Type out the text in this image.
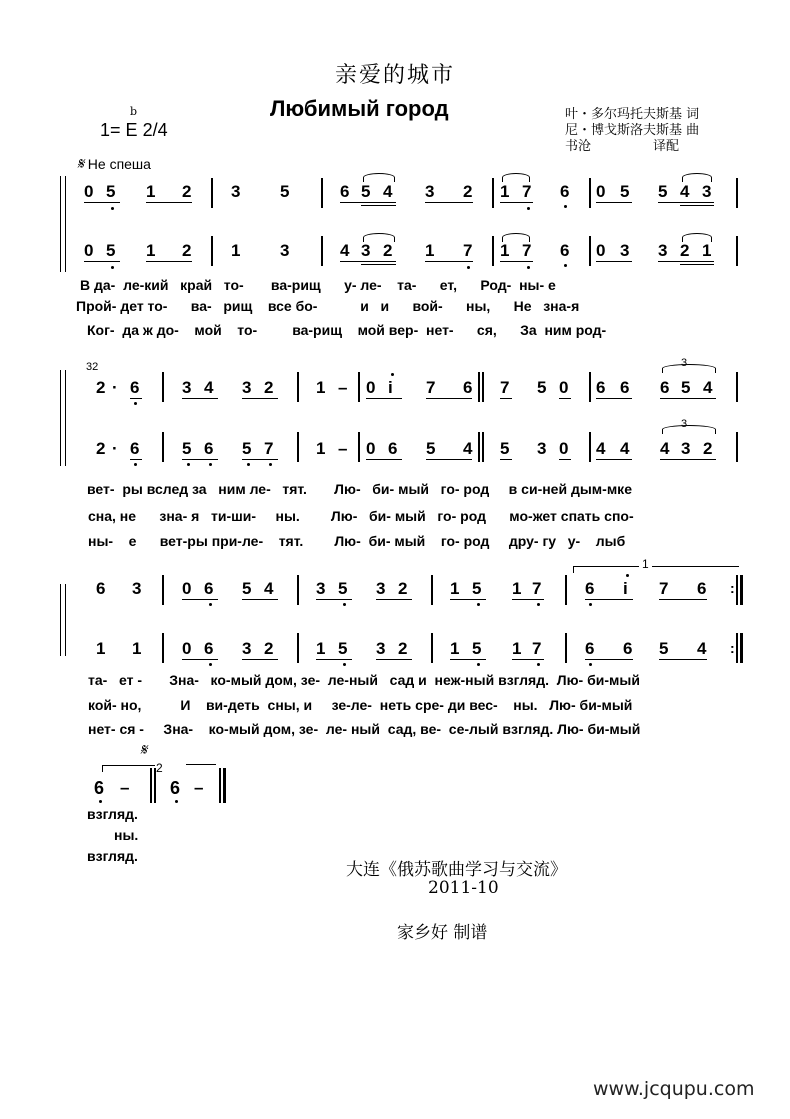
亲爱的城市
Любимый город
b
1= E 2/4
叶・多尔玛托夫斯基 词
尼・博戈斯洛夫斯基 曲
书沧               译配
𝄋 Не спеша
0 5 1 2 3 5	6 5 4 3 2 1 7 6 0 5 5 4 3
0 5 1 2 1 3	4 3 2 1 7 1 7 6 0 3 3 2 1
В да-  ле-кий   край   то-       ва-рищ      у- ле-    та-      ет,      Род-  ны- е
Прой- дет то-      ва-   рищ    все бо-           и   и      вой-      ны,      Не   зна-я
Ког-  да ж до-    мой    то-         ва-рищ    мой вер-  нет-      ся,      За  ним род-
32
2 · 6	3 4 3 2	1 – 0 i 7 6 7 5 0 6 6 6 5 4
3
2 · 6	5 6 5 7	1 – 0 6 5 4 5 3 0 4 4 4 3 2
3
вет-  ры вслед за   ним ле-   тят.       Лю-   би- мый   го- род     в си-ней дым-мке
сна, не      зна- я   ти-ши-     ны.        Лю-   би- мый   го- род      мо-жет спать спо-
ны-    е      вет-ры при-ле-    тят.        Лю-  би- мый    го- род     дру- гу   у-    лыб
1
6 3 0 6 5 4	3 5 3 2	1 5 1 7	6 i 7 6 :
1 1 0 6 3 2	1 5 3 2	1 5 1 7	6 6 5 4 :
та-   ет -       Зна-   ко-мый дом, зе-  ле-ный   сад и  неж-ный взгляд.  Лю- би-мый
кой- но,          И    ви-деть  сны, и     зе-ле-  неть сре- ди вес-    ны.   Лю- би-мый
нет- ся -     Зна-    ко-мый дом, зе-  ле- ный  сад, ве-  се-лый взгляд. Лю- би-мый
𝄋
2
6 – 6 –
взгляд.
ны.
взгляд.
大连《俄苏歌曲学习与交流》
2011-10
家乡好 制谱
www.jcqupu.com
